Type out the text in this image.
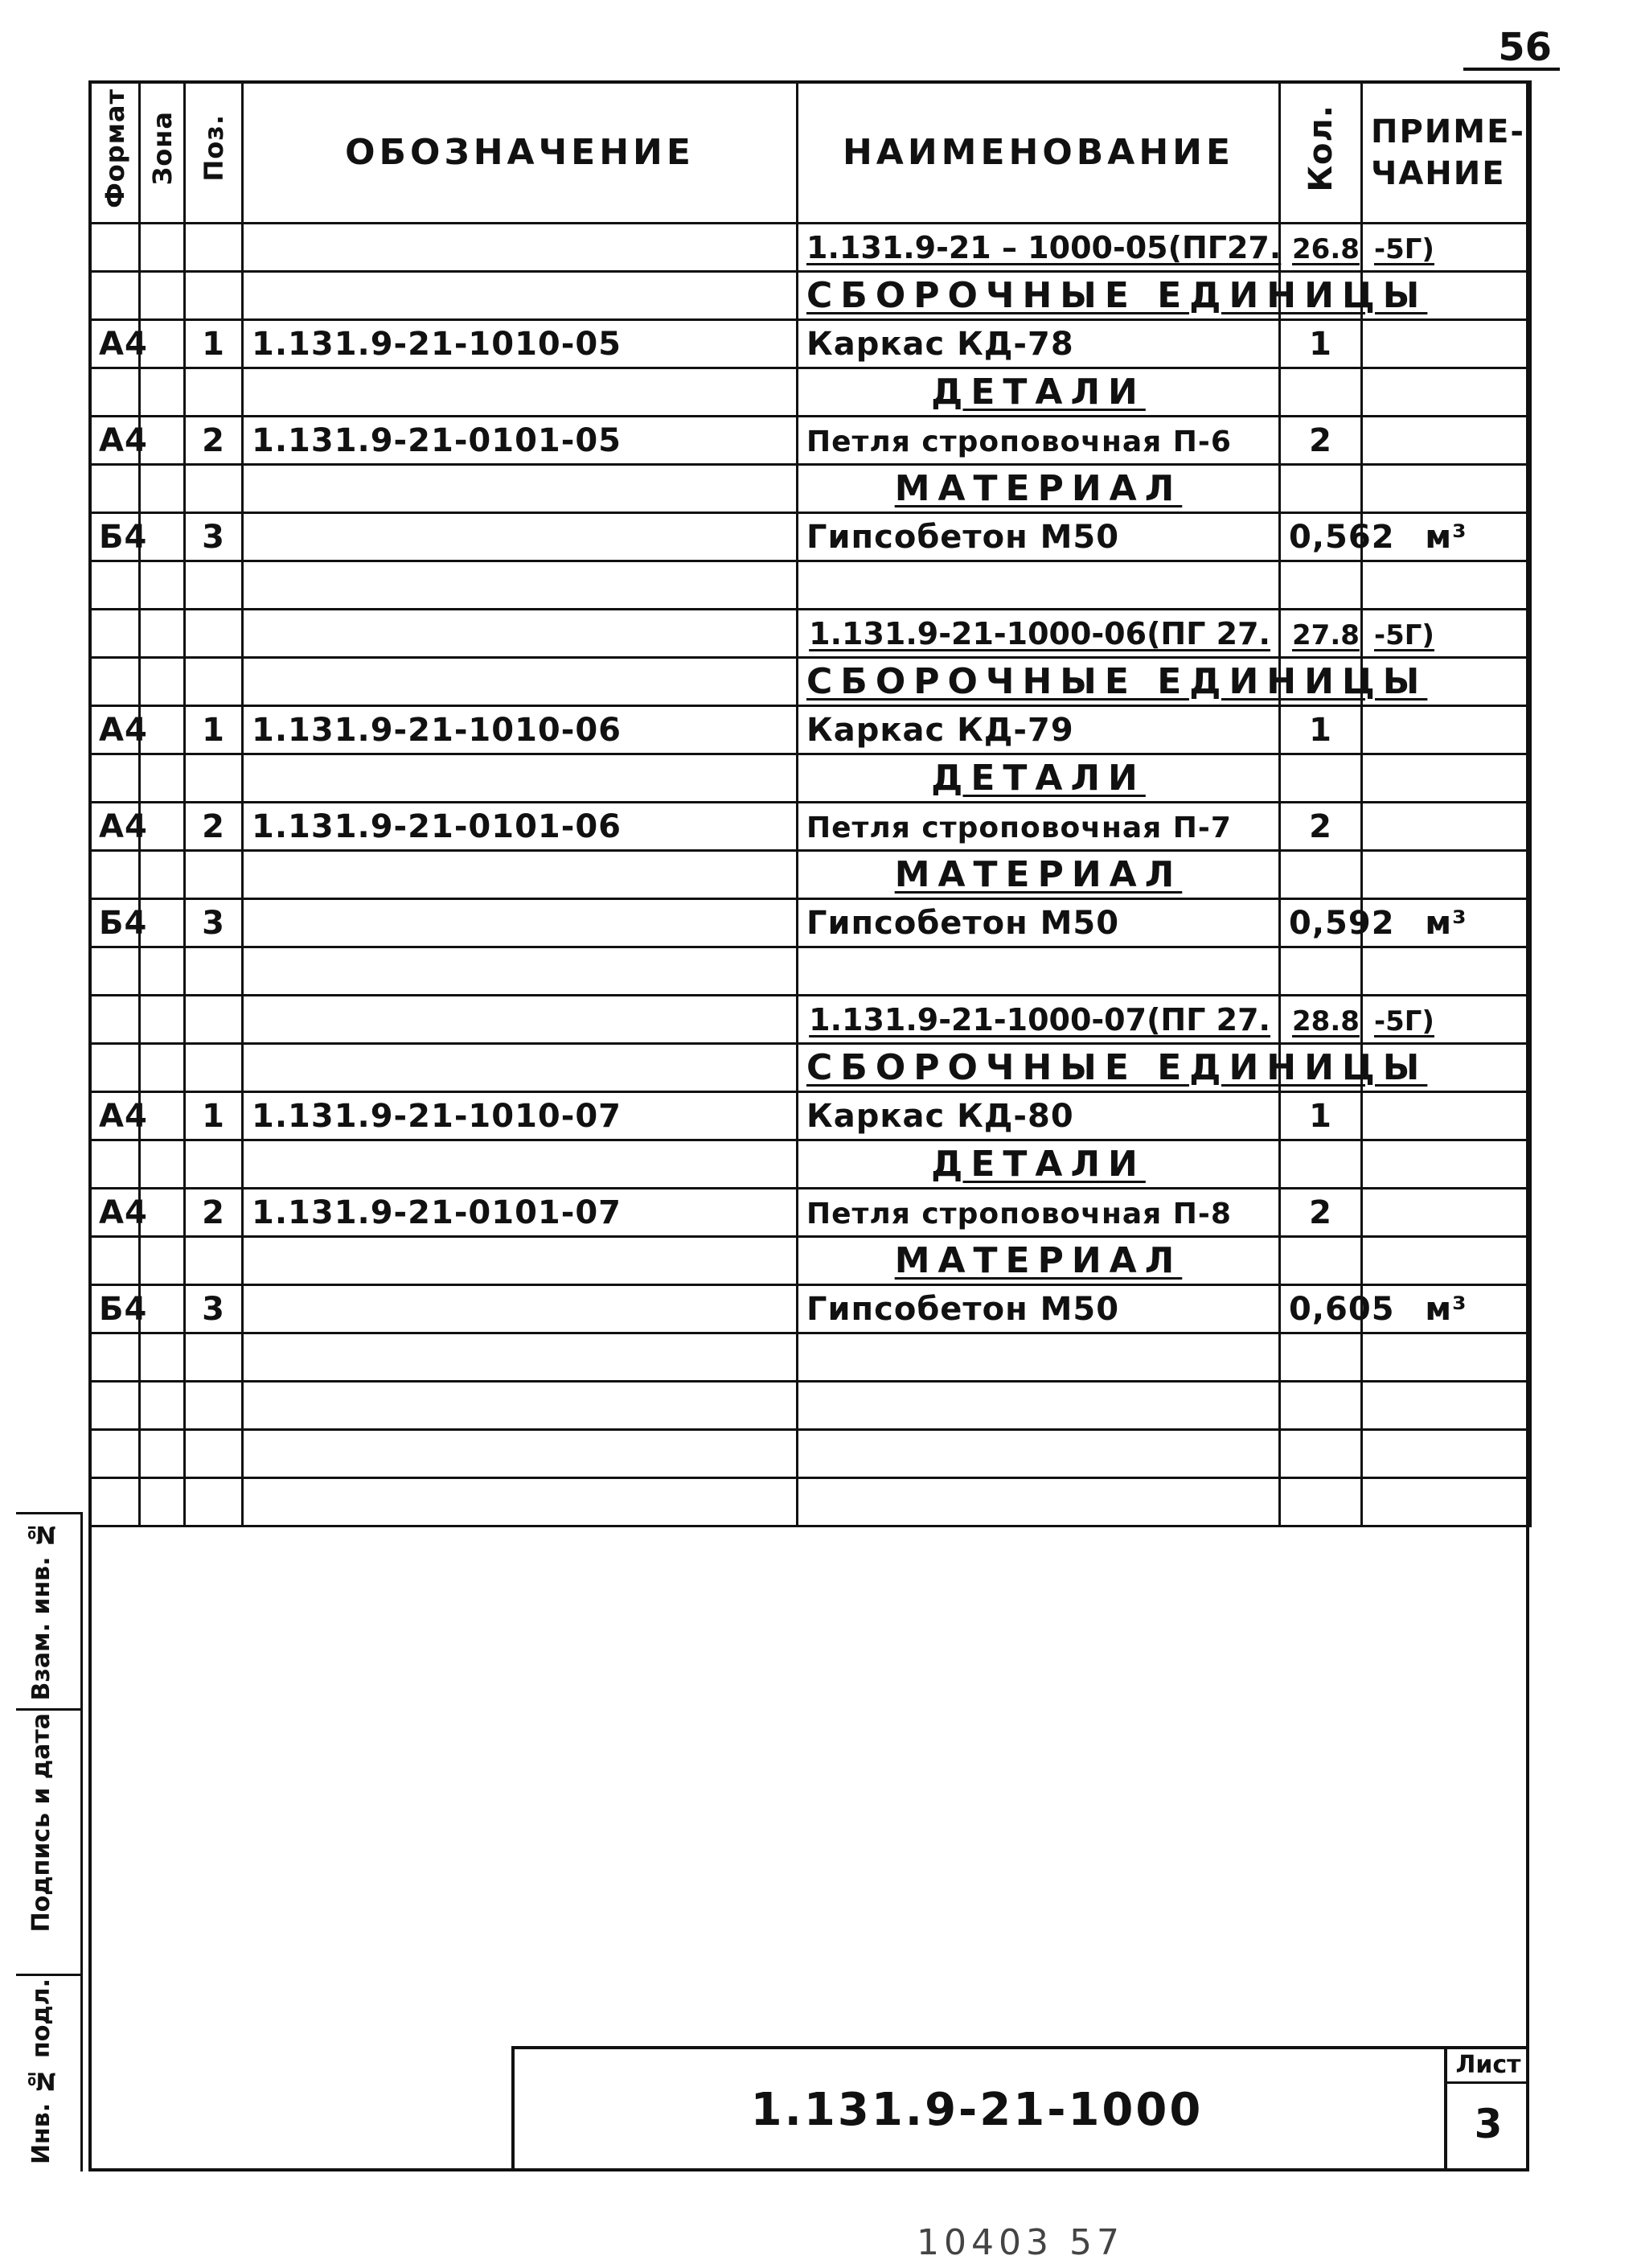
56
Формат	Зона	Поз.	ОБОЗНАЧЕНИЕ	НАИМЕНОВАНИЕ	Кол.	ПРИМЕ-
ЧАНИЕ

				1.131.9-21 – 1000-05(ПГ27.	26.8	-5Г)
				СБОРОЧНЫЕ ЕДИНИЦЫ		
А4		1	1.131.9-21-1010-05	Каркас КД-78	1	
				ДЕТАЛИ		
А4		2	1.131.9-21-0101-05	Петля строповочная П-6	2	
				МАТЕРИАЛ		
Б4		3		Гипсобетон М50	0,562	м³

				1.131.9-21-1000-06(ПГ 27.	27.8	-5Г)
				СБОРОЧНЫЕ ЕДИНИЦЫ		
А4		1	1.131.9-21-1010-06	Каркас КД-79	1	
				ДЕТАЛИ		
А4		2	1.131.9-21-0101-06	Петля строповочная П-7	2	
				МАТЕРИАЛ		
Б4		3		Гипсобетон М50	0,592	м³

				1.131.9-21-1000-07(ПГ 27.	28.8	-5Г)
				СБОРОЧНЫЕ ЕДИНИЦЫ		
А4		1	1.131.9-21-1010-07	Каркас КД-80	1	
				ДЕТАЛИ		
А4		2	1.131.9-21-0101-07	Петля строповочная П-8	2	
				МАТЕРИАЛ		
Б4		3		Гипсобетон М50	0,605	м³

Взам. инв. №
Подпись и дата
Инв. № подл.	1.131.9-21-1000
Лист
3
10403 57
